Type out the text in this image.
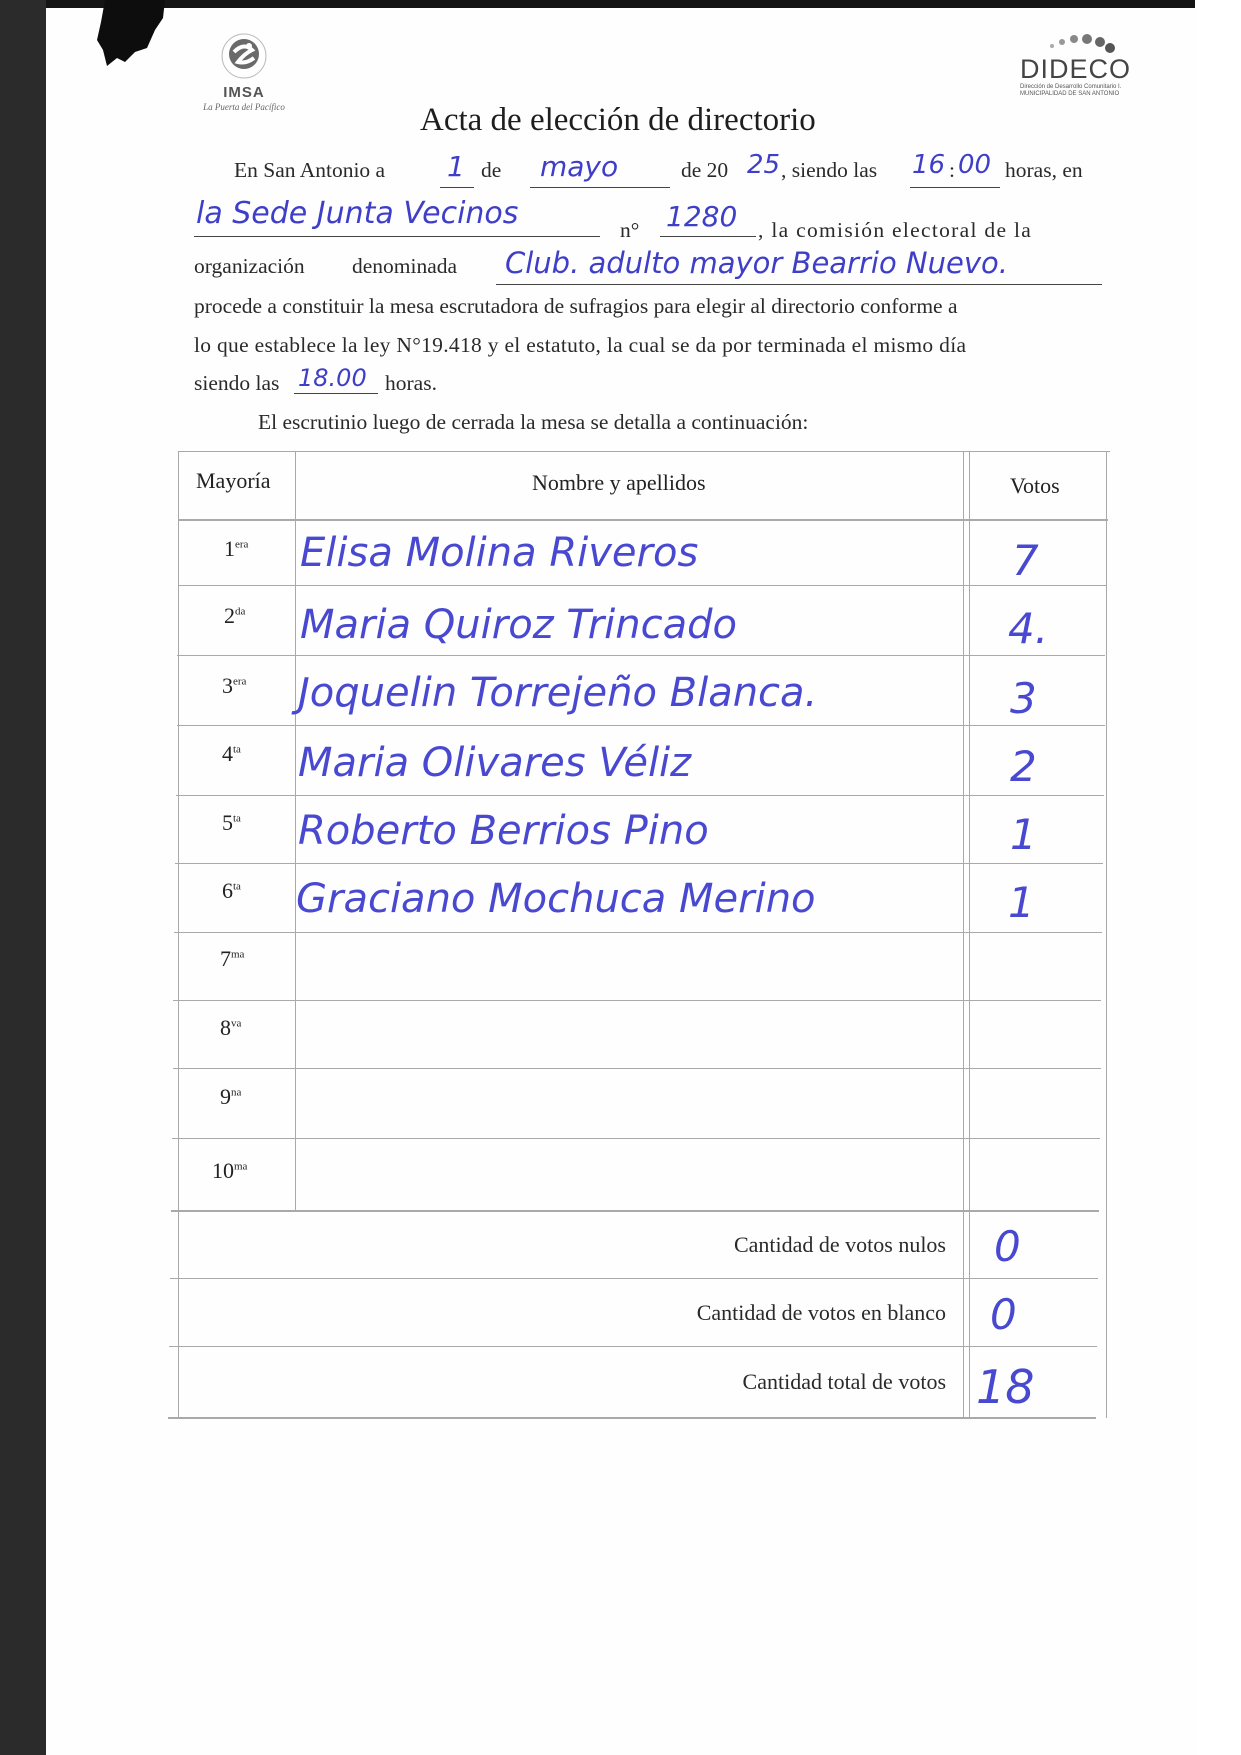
IMSA
La Puerta del Pacífico
DIDECO
Dirección de Desarrollo Comunitario I. MUNICIPALIDAD DE SAN ANTONIO
Acta de elección de directorio
En San Antonio a 1 de mayo	de 20 25 , siendo las 16 : 00 horas, en
la Sede Junta Vecinos	n° 1280 , la comisión electoral de la
organización denominada Club. adulto mayor Bearrio Nuevo.
procede a constituir la mesa escrutadora de sufragios para elegir al directorio conforme a
lo que establece la ley N°19.418 y el estatuto, la cual se da por terminada el mismo día
siendo las 18.00 horas.
El escrutinio luego de cerrada la mesa se detalla a continuación:
Mayoría	Nombre y apellidos	Votos
$1^{era}$ Elisa Molina Riveros	7
$2^{da}$ Maria Quiroz Trincado	4.
$3^{era}$ Joquelin Torrejeño Blanca.	3
$4^{ta}$ Maria Olivares Véliz	2
$5^{ta}$ Roberto Berrios Pino	1
$6^{ta}$ Graciano Mochuca Merino	1
$7^{ma}$
$8^{va}$
$9^{na}$
$10^{ma}$
Cantidad de votos nulos 0
Cantidad de votos en blanco 0
Cantidad total de votos 18
